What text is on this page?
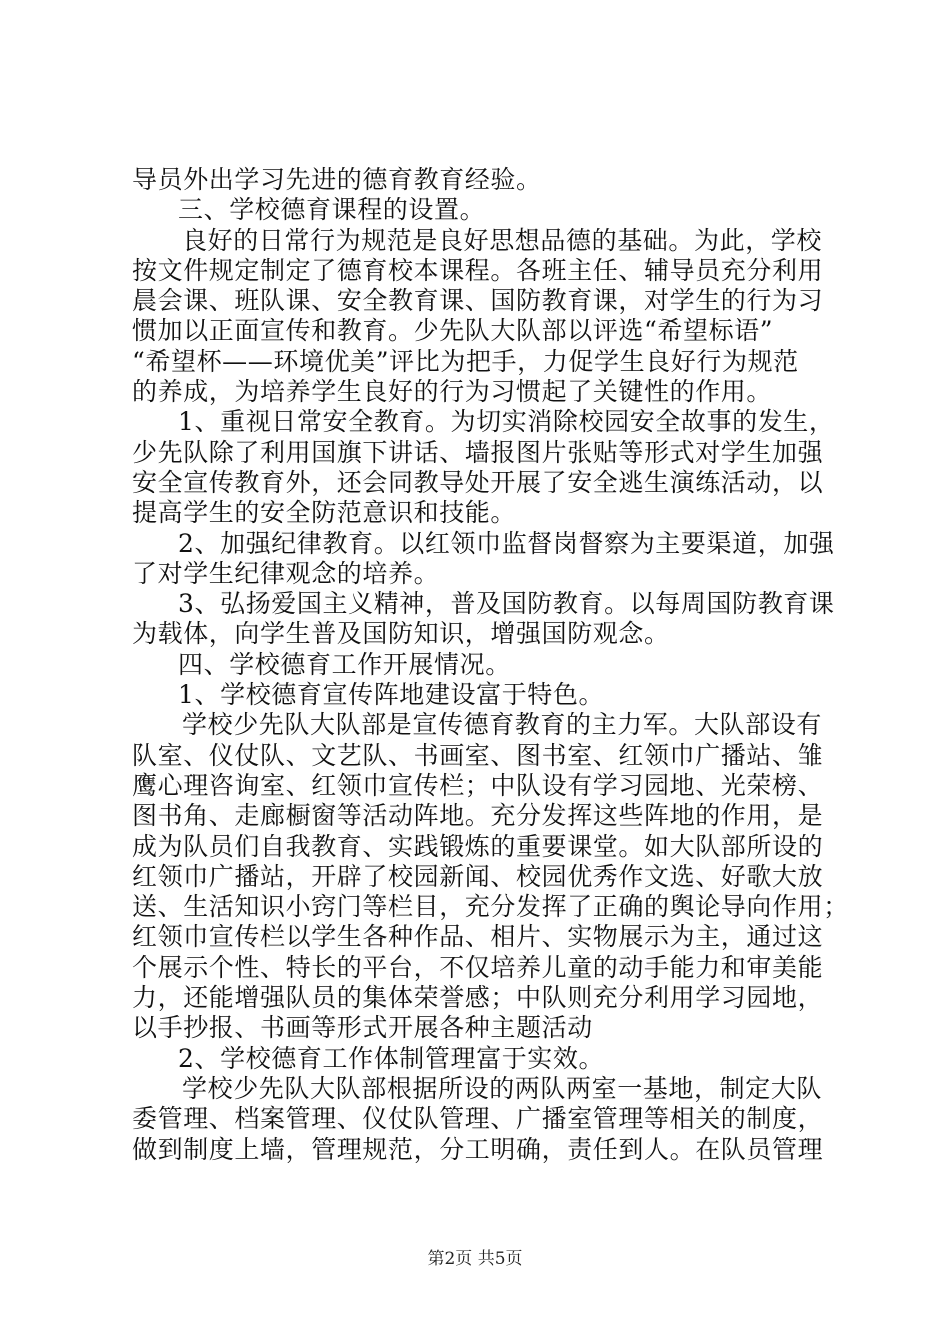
导员外出学习先进的德育教育经验。

三、学校德育课程的设置。

良好的日常行为规范是良好思想品德的基础。为此，学校

按文件规定制定了德育校本课程。各班主任、辅导员充分利用

晨会课、班队课、安全教育课、国防教育课，对学生的行为习

惯加以正面宣传和教育。少先队大队部以评选“希望标语”

“希望杯——环境优美”评比为把手，力促学生良好行为规范

的养成，为培养学生良好的行为习惯起了关键性的作用。

1、重视日常安全教育。为切实消除校园安全故事的发生，

少先队除了利用国旗下讲话、墙报图片张贴等形式对学生加强

安全宣传教育外，还会同教导处开展了安全逃生演练活动，以

提高学生的安全防范意识和技能。

2、加强纪律教育。以红领巾监督岗督察为主要渠道，加强

了对学生纪律观念的培养。

3、弘扬爱国主义精神，普及国防教育。以每周国防教育课

为载体，向学生普及国防知识，增强国防观念。

四、学校德育工作开展情况。

1、学校德育宣传阵地建设富于特色。

学校少先队大队部是宣传德育教育的主力军。大队部设有

队室、仪仗队、文艺队、书画室、图书室、红领巾广播站、雏

鹰心理咨询室、红领巾宣传栏；中队设有学习园地、光荣榜、

图书角、走廊橱窗等活动阵地。充分发挥这些阵地的作用，是

成为队员们自我教育、实践锻炼的重要课堂。如大队部所设的

红领巾广播站，开辟了校园新闻、校园优秀作文选、好歌大放

送、生活知识小窍门等栏目，充分发挥了正确的舆论导向作用；

红领巾宣传栏以学生各种作品、相片、实物展示为主，通过这

个展示个性、特长的平台，不仅培养儿童的动手能力和审美能

力，还能增强队员的集体荣誉感；中队则充分利用学习园地，

以手抄报、书画等形式开展各种主题活动

2、学校德育工作体制管理富于实效。

学校少先队大队部根据所设的两队两室一基地，制定大队

委管理、档案管理、仪仗队管理、广播室管理等相关的制度，

做到制度上墙，管理规范，分工明确，责任到人。在队员管理

第2页 共5页
